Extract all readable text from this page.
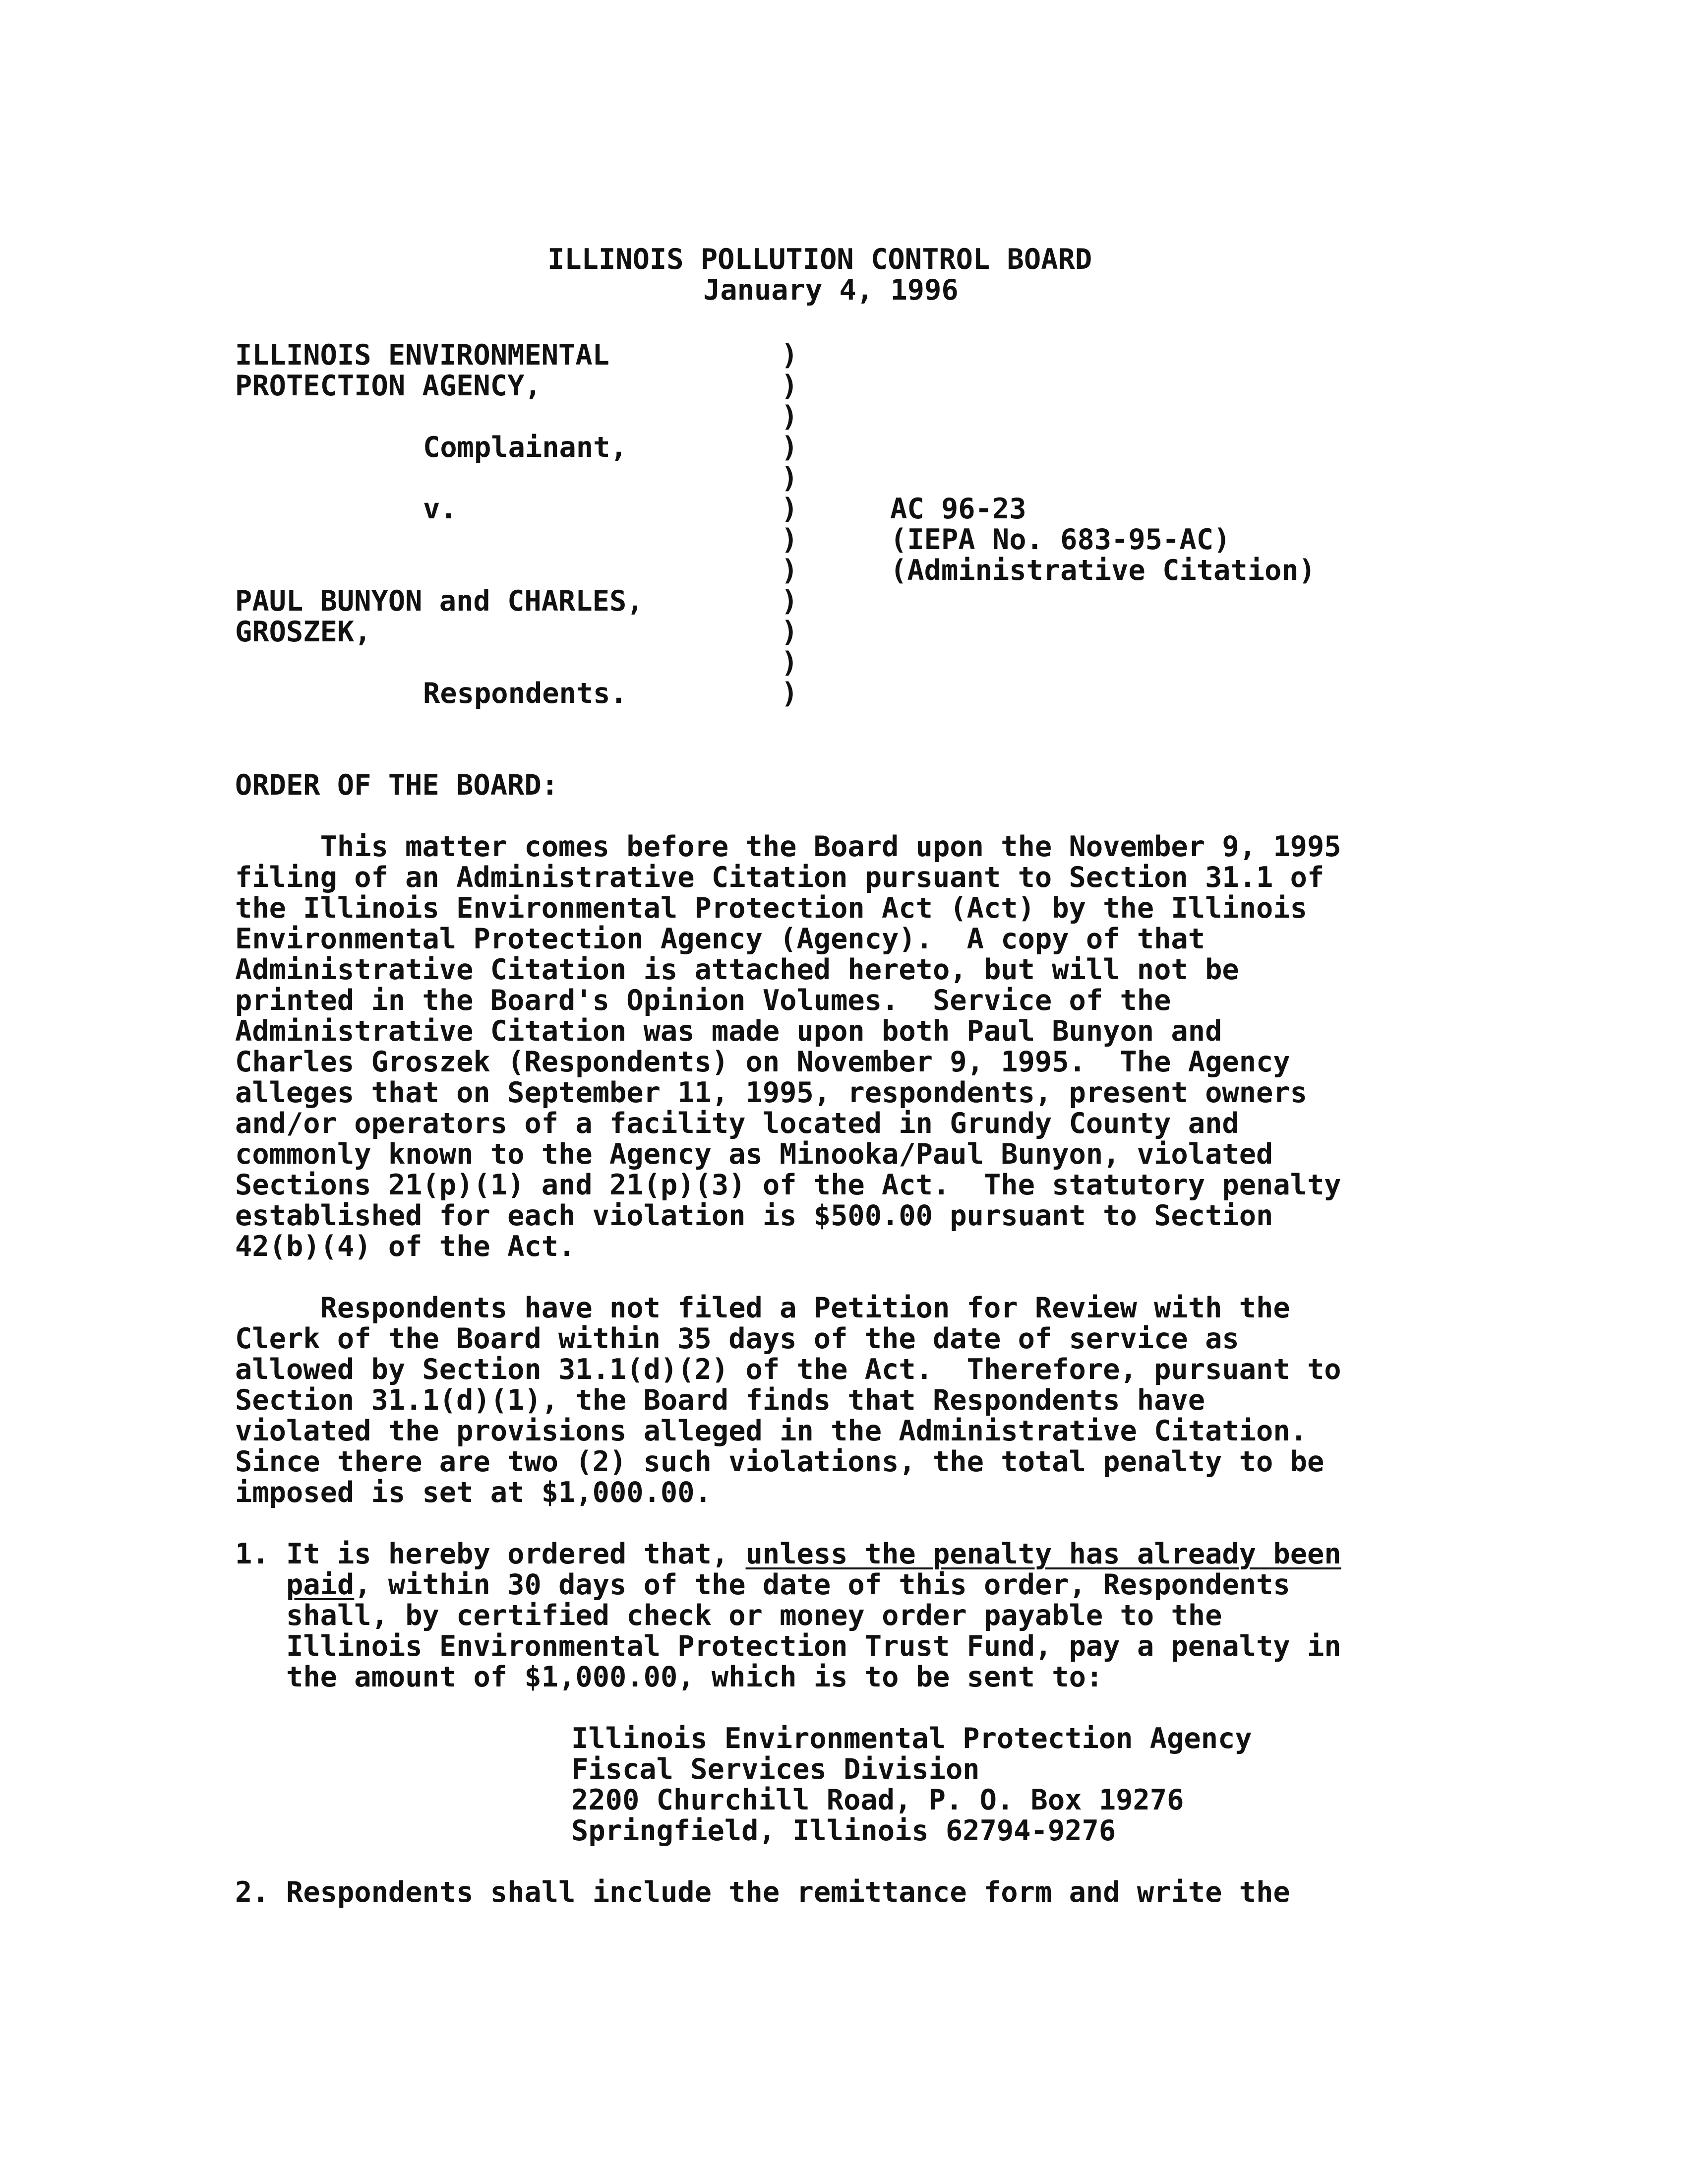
ILLINOIS POLLUTION CONTROL BOARD
January 4, 1996
ILLINOIS ENVIRONMENTAL
PROTECTION AGENCY,
Complainant,
v.
PAUL BUNYON and CHARLES,
GROSZEK,
Respondents.
)
)
)
)
)
)
)
)
)
)
)
)
AC 96-23
(IEPA No. 683-95-AC)
(Administrative Citation)
ORDER OF THE BOARD:
This matter comes before the Board upon the November 9, 1995
filing of an Administrative Citation pursuant to Section 31.1 of
the Illinois Environmental Protection Act (Act) by the Illinois
Environmental Protection Agency (Agency).  A copy of that
Administrative Citation is attached hereto, but will not be
printed in the Board's Opinion Volumes.  Service of the
Administrative Citation was made upon both Paul Bunyon and
Charles Groszek (Respondents) on November 9, 1995.  The Agency
alleges that on September 11, 1995, respondents, present owners
and/or operators of a facility located in Grundy County and
commonly known to the Agency as Minooka/Paul Bunyon, violated
Sections 21(p)(1) and 21(p)(3) of the Act.  The statutory penalty
established for each violation is $500.00 pursuant to Section
42(b)(4) of the Act.
Respondents have not filed a Petition for Review with the
Clerk of the Board within 35 days of the date of service as
allowed by Section 31.1(d)(2) of the Act.  Therefore, pursuant to
Section 31.1(d)(1), the Board finds that Respondents have
violated the provisions alleged in the Administrative Citation.
Since there are two (2) such violations, the total penalty to be
imposed is set at $1,000.00.
1. It is hereby ordered that, unless the penalty has already been
paid, within 30 days of the date of this order, Respondents
shall, by certified check or money order payable to the
Illinois Environmental Protection Trust Fund, pay a penalty in
the amount of $1,000.00, which is to be sent to:
Illinois Environmental Protection Agency
Fiscal Services Division
2200 Churchill Road, P. O. Box 19276
Springfield, Illinois 62794-9276
2. Respondents shall include the remittance form and write the
